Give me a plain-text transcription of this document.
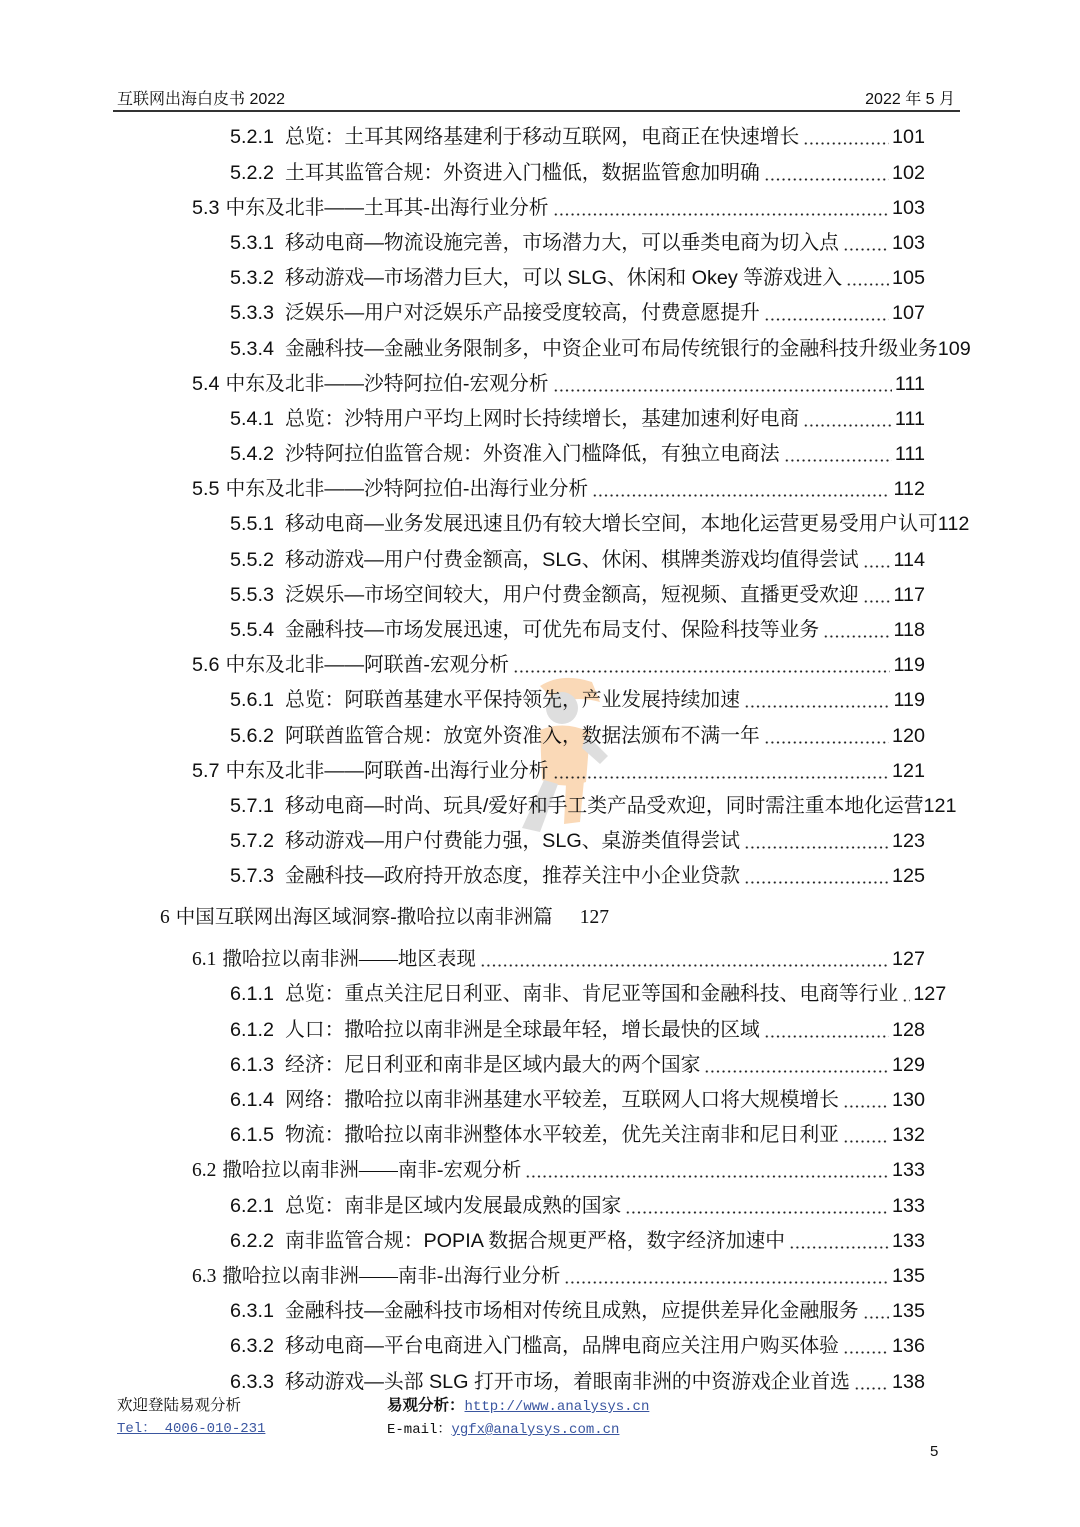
互联网出海白皮书 2022	2022 年 5 月
5.2.1 总览：土耳其网络基建利于移动互联网，电商正在快速增长	101
5.2.2 土耳其监管合规：外资进入门槛低，数据监管愈加明确	102
5.3 中东及北非——土耳其-出海行业分析	103
5.3.1 移动电商—物流设施完善，市场潜力大，可以垂类电商为切入点	103
5.3.2 移动游戏—市场潜力巨大，可以 SLG、休闲和 Okey 等游戏进入	105
5.3.3 泛娱乐—用户对泛娱乐产品接受度较高，付费意愿提升	107
5.3.4 金融科技—金融业务限制多，中资企业可布局传统银行的金融科技升级业务 109
5.4 中东及北非——沙特阿拉伯-宏观分析	111
5.4.1 总览：沙特用户平均上网时长持续增长，基建加速利好电商	111
5.4.2 沙特阿拉伯监管合规：外资准入门槛降低，有独立电商法	111
5.5 中东及北非——沙特阿拉伯-出海行业分析	112
5.5.1 移动电商—业务发展迅速且仍有较大增长空间，本地化运营更易受用户认可 112
5.5.2 移动游戏—用户付费金额高，SLG、休闲、棋牌类游戏均值得尝试 114
5.5.3 泛娱乐—市场空间较大，用户付费金额高，短视频、直播更受欢迎 117
5.5.4 金融科技—市场发展迅速，可优先布局支付、保险科技等业务	118
5.6 中东及北非——阿联酋-宏观分析	119
5.6.1 总览：阿联酋基建水平保持领先，产业发展持续加速	119
5.6.2 阿联酋监管合规：放宽外资准入，数据法颁布不满一年	120
5.7 中东及北非——阿联酋-出海行业分析	121
5.7.1 移动电商—时尚、玩具/爱好和手工类产品受欢迎，同时需注重本地化运营 121
5.7.2 移动游戏—用户付费能力强，SLG、桌游类值得尝试	123
5.7.3 金融科技—政府持开放态度，推荐关注中小企业贷款	125
6 中国互联网出海区域洞察-撒哈拉以南非洲篇 127
6.1 撒哈拉以南非洲——地区表现	127
6.1.1 总览：重点关注尼日利亚、南非、肯尼亚等国和金融科技、电商等行业 127
6.1.2 人口：撒哈拉以南非洲是全球最年轻，增长最快的区域	128
6.1.3 经济：尼日利亚和南非是区域内最大的两个国家	129
6.1.4 网络：撒哈拉以南非洲基建水平较差，互联网人口将大规模增长	130
6.1.5 物流：撒哈拉以南非洲整体水平较差，优先关注南非和尼日利亚	132
6.2 撒哈拉以南非洲——南非-宏观分析	133
6.2.1 总览：南非是区域内发展最成熟的国家	133
6.2.2 南非监管合规：POPIA 数据合规更严格，数字经济加速中	133
6.3 撒哈拉以南非洲——南非-出海行业分析	135
6.3.1 金融科技—金融科技市场相对传统且成熟，应提供差异化金融服务 135
6.3.2 移动电商—平台电商进入门槛高，品牌电商应关注用户购买体验	136
6.3.3 移动游戏—头部 SLG 打开市场，着眼南非洲的中资游戏企业首选 138
欢迎登陆易观分析
Tel： 4006-010-231
易观分析：http://www.analysys.cn
E-mail：ygfx@analysys.com.cn
5
